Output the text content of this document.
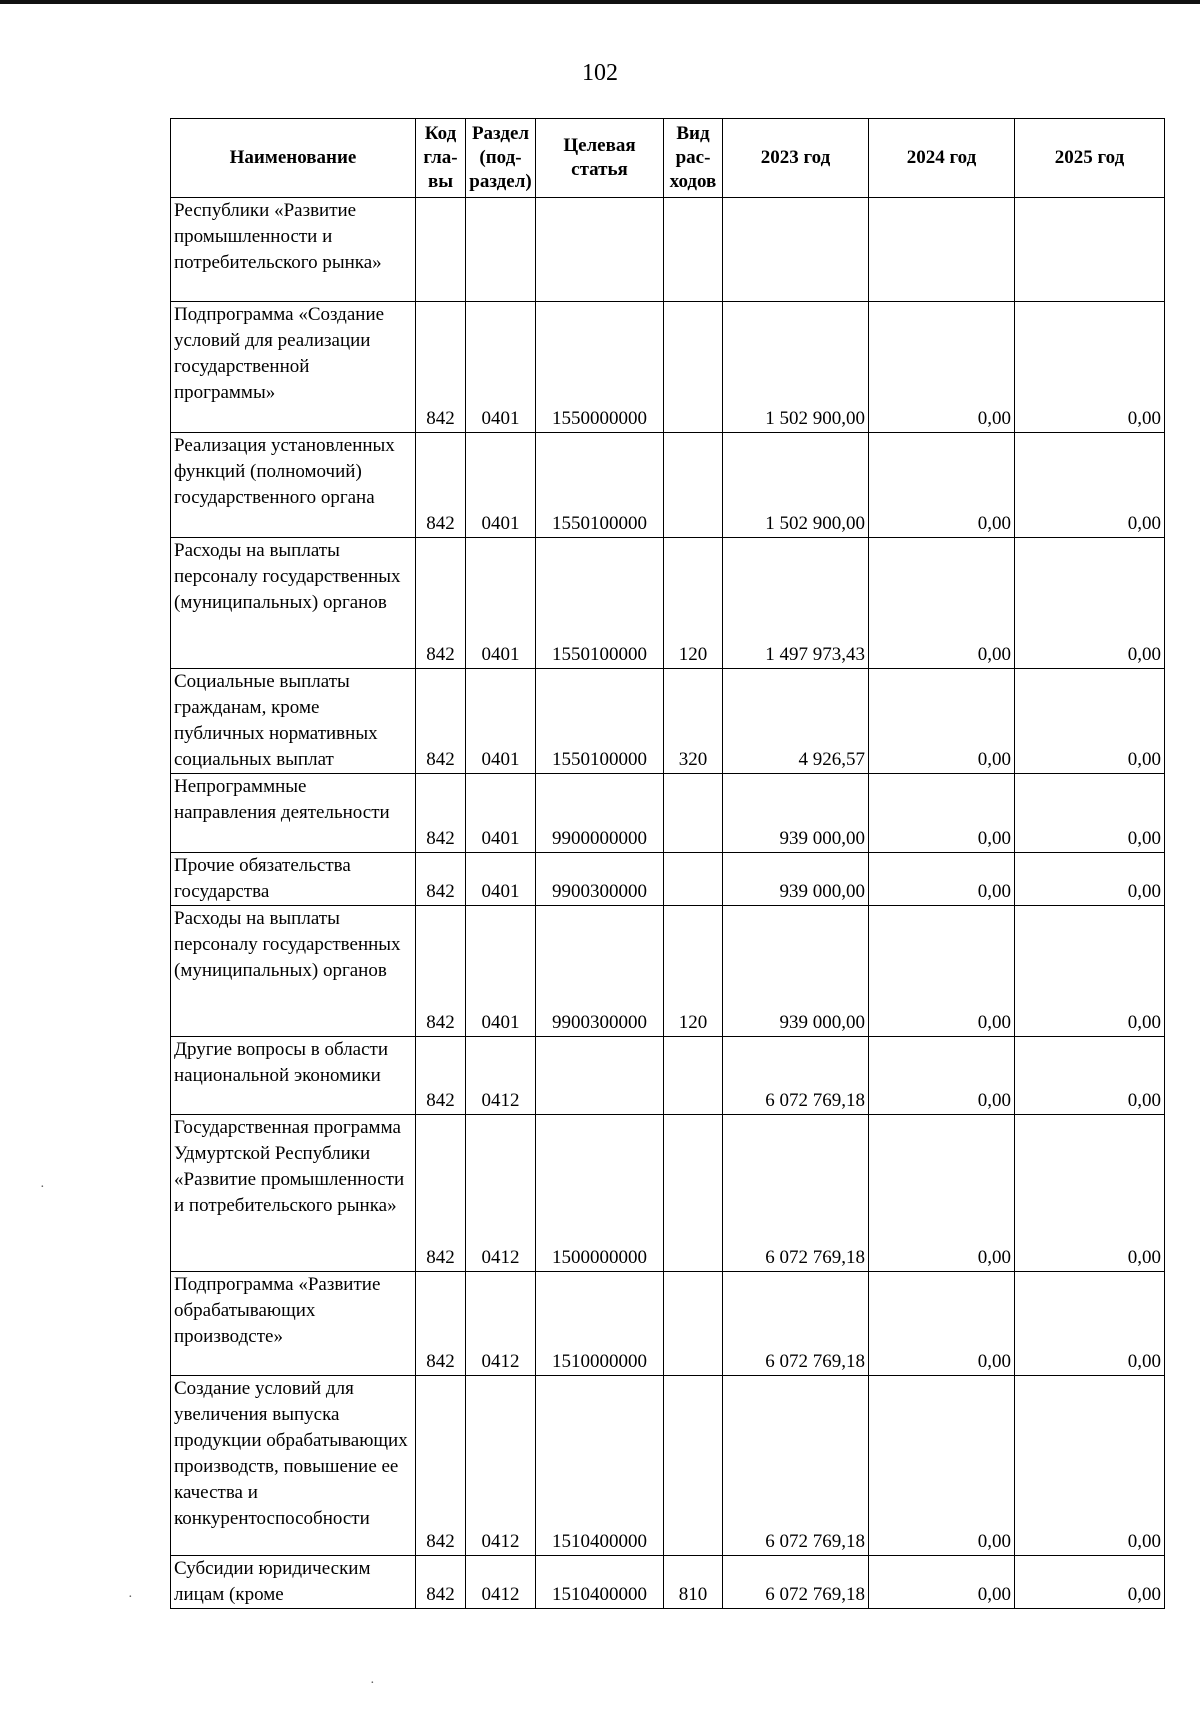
102
Наименование	Код гла-вы	Раздел (под-раздел)	Целевая статья	Вид рас-ходов	2023 год	2024 год	2025 год
Республики «Развитие промышленности и потребительского рынка»							
Подпрограмма «Создание условий для реализации государственной программы»	842	0401	1550000000		1 502 900,00	0,00	0,00
Реализация установленных функций (полномочий) государственного органа	842	0401	1550100000		1 502 900,00	0,00	0,00
Расходы на выплаты персоналу государственных (муниципальных) органов	842	0401	1550100000	120	1 497 973,43	0,00	0,00
Социальные выплаты гражданам, кроме публичных нормативных социальных выплат	842	0401	1550100000	320	4 926,57	0,00	0,00
Непрограммные направления деятельности	842	0401	9900000000		939 000,00	0,00	0,00
Прочие обязательства государства	842	0401	9900300000		939 000,00	0,00	0,00
Расходы на выплаты персоналу государственных (муниципальных) органов	842	0401	9900300000	120	939 000,00	0,00	0,00
Другие вопросы в области национальной экономики	842	0412			6 072 769,18	0,00	0,00
Государственная программа Удмуртской Республики «Развитие промышленности и потребительского рынка»	842	0412	1500000000		6 072 769,18	0,00	0,00
Подпрограмма «Развитие обрабатывающих производсте»	842	0412	1510000000		6 072 769,18	0,00	0,00
Создание условий для увеличения выпуска продукции обрабатывающих производств, повышение ее качества и конкурентоспособности	842	0412	1510400000		6 072 769,18	0,00	0,00
Субсидии юридическим лицам (кроме	842	0412	1510400000	810	6 072 769,18	0,00	0,00
·
·
·
